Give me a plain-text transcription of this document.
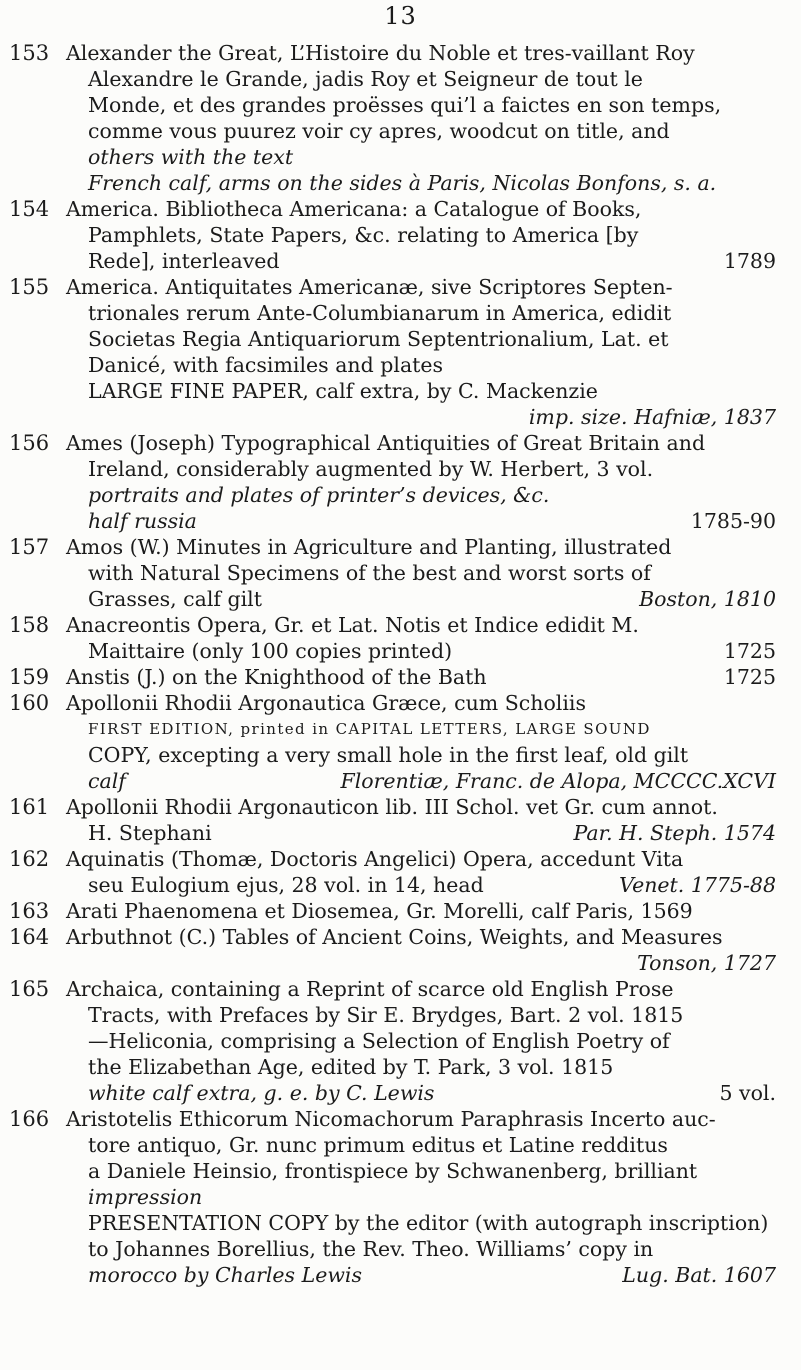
13
153 Alexander the Great, L’Histoire du Noble et tres-vaillant Roy
Alexandre le Grande, jadis Roy et Seigneur de tout le
Monde, et des grandes proësses qui’l a faictes en son temps,
comme vous puurez voir cy apres, woodcut on title, and
others with the text
French calf, arms on the sides à Paris, Nicolas Bonfons, s. a.
154 America. Bibliotheca Americana: a Catalogue of Books,
Pamphlets, State Papers, &c. relating to America [by
Rede], interleaved	1789
155 America. Antiquitates Americanæ, sive Scriptores Septen-
trionales rerum Ante-Columbianarum in America, edidit
Societas Regia Antiquariorum Septentrionalium, Lat. et
Danicé, with facsimiles and plates
LARGE FINE PAPER, calf extra, by C. Mackenzie
imp. size. Hafniæ, 1837
156 Ames (Joseph) Typographical Antiquities of Great Britain and
Ireland, considerably augmented by W. Herbert, 3 vol.
portraits and plates of printer’s devices, &c.
half russia	1785-90
157 Amos (W.) Minutes in Agriculture and Planting, illustrated
with Natural Specimens of the best and worst sorts of
Grasses, calf gilt	Boston, 1810
158 Anacreontis Opera, Gr. et Lat. Notis et Indice edidit M.
Maittaire (only 100 copies printed)	1725
159 Anstis (J.) on the Knighthood of the Bath	1725
160 Apollonii Rhodii Argonautica Græce, cum Scholiis
FIRST EDITION, printed in CAPITAL LETTERS, LARGE SOUND
COPY, excepting a very small hole in the first leaf, old gilt
calf	Florentiæ, Franc. de Alopa, MCCCC.XCVI
161 Apollonii Rhodii Argonauticon lib. III Schol. vet Gr. cum annot.
H. Stephani	Par. H. Steph. 1574
162 Aquinatis (Thomæ, Doctoris Angelici) Opera, accedunt Vita
seu Eulogium ejus, 28 vol. in 14, head	Venet. 1775-88
163 Arati Phaenomena et Diosemea, Gr. Morelli, calf Paris, 1569
164 Arbuthnot (C.) Tables of Ancient Coins, Weights, and Measures
Tonson, 1727
165 Archaica, containing a Reprint of scarce old English Prose
Tracts, with Prefaces by Sir E. Brydges, Bart. 2 vol. 1815
—Heliconia, comprising a Selection of English Poetry of
the Elizabethan Age, edited by T. Park, 3 vol. 1815
white calf extra, g. e. by C. Lewis	5 vol.
166 Aristotelis Ethicorum Nicomachorum Paraphrasis Incerto auc-
tore antiquo, Gr. nunc primum editus et Latine redditus
a Daniele Heinsio, frontispiece by Schwanenberg, brilliant
impression
PRESENTATION COPY by the editor (with autograph inscription)
to Johannes Borellius, the Rev. Theo. Williams’ copy in
morocco by Charles Lewis	Lug. Bat. 1607
